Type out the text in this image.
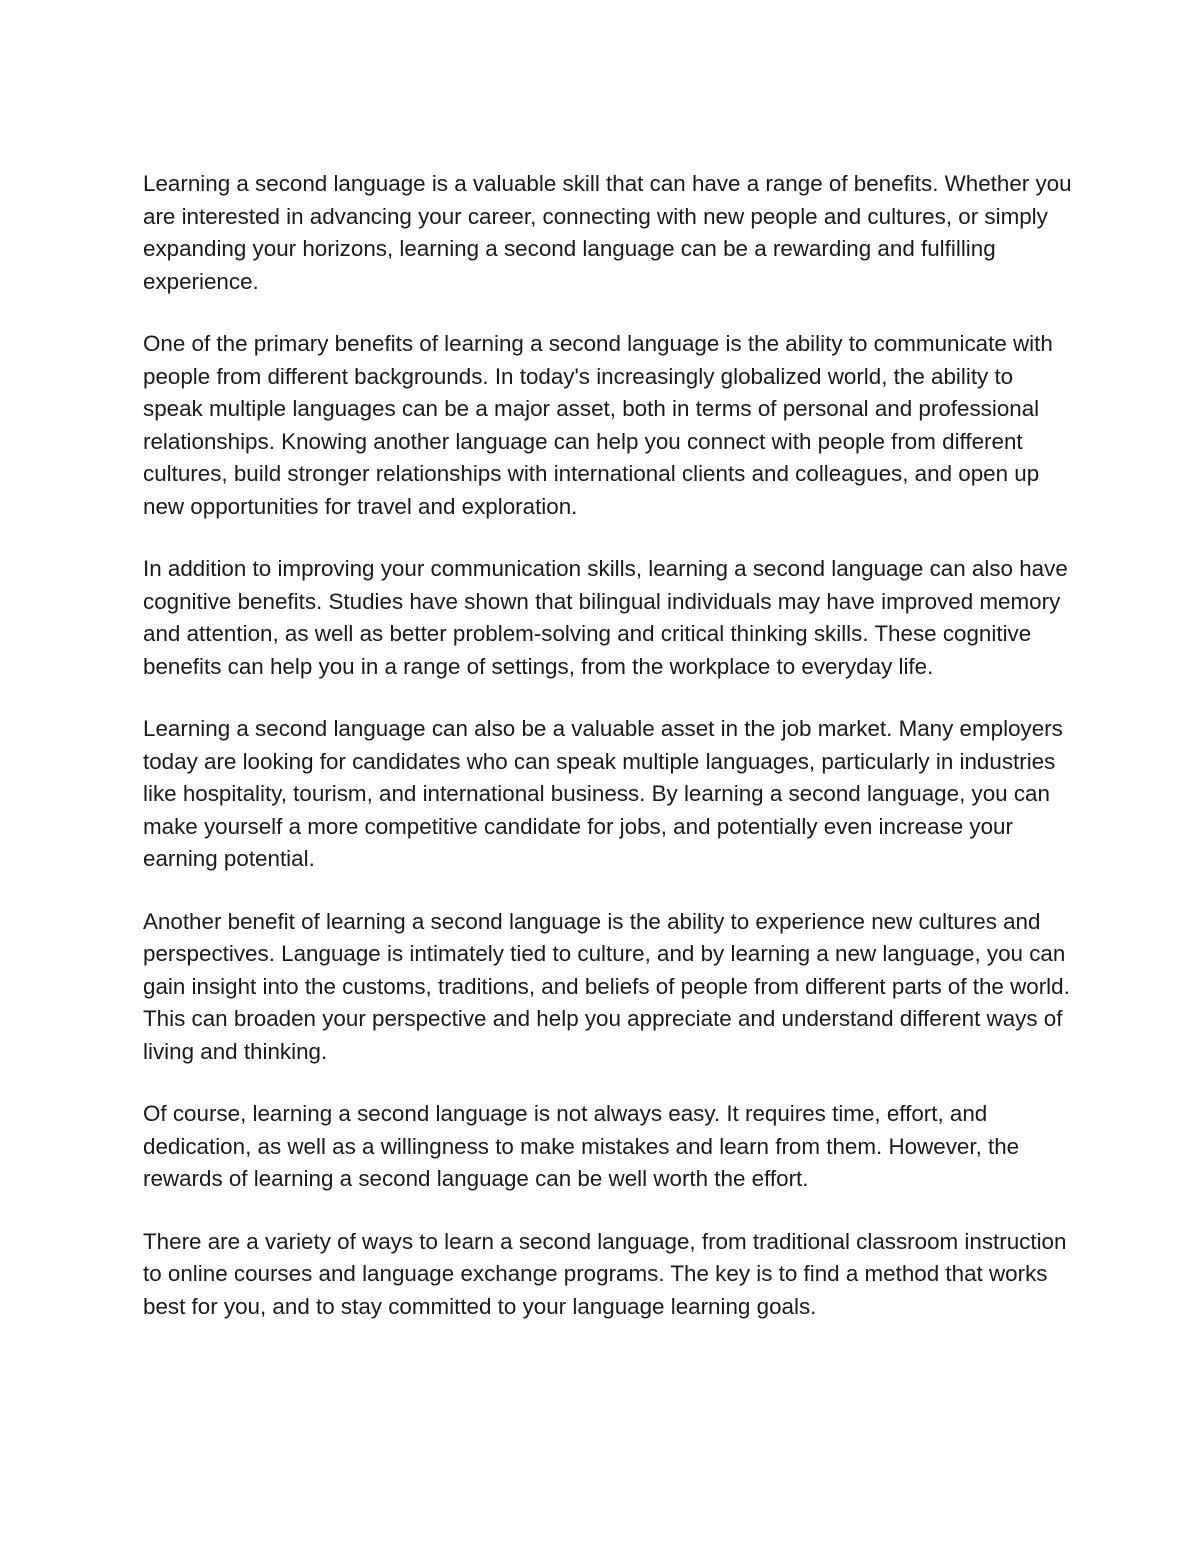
Learning a second language is a valuable skill that can have a range of benefits. Whether you are interested in advancing your career, connecting with new people and cultures, or simply expanding your horizons, learning a second language can be a rewarding and fulfilling experience.

One of the primary benefits of learning a second language is the ability to communicate with people from different backgrounds. In today's increasingly globalized world, the ability to speak multiple languages can be a major asset, both in terms of personal and professional relationships. Knowing another language can help you connect with people from different cultures, build stronger relationships with international clients and colleagues, and open up new opportunities for travel and exploration.

In addition to improving your communication skills, learning a second language can also have cognitive benefits. Studies have shown that bilingual individuals may have improved memory and attention, as well as better problem-solving and critical thinking skills. These cognitive benefits can help you in a range of settings, from the workplace to everyday life.

Learning a second language can also be a valuable asset in the job market. Many employers today are looking for candidates who can speak multiple languages, particularly in industries like hospitality, tourism, and international business. By learning a second language, you can make yourself a more competitive candidate for jobs, and potentially even increase your earning potential.

Another benefit of learning a second language is the ability to experience new cultures and perspectives. Language is intimately tied to culture, and by learning a new language, you can gain insight into the customs, traditions, and beliefs of people from different parts of the world. This can broaden your perspective and help you appreciate and understand different ways of living and thinking.

Of course, learning a second language is not always easy. It requires time, effort, and dedication, as well as a willingness to make mistakes and learn from them. However, the rewards of learning a second language can be well worth the effort.

There are a variety of ways to learn a second language, from traditional classroom instruction to online courses and language exchange programs. The key is to find a method that works best for you, and to stay committed to your language learning goals.
